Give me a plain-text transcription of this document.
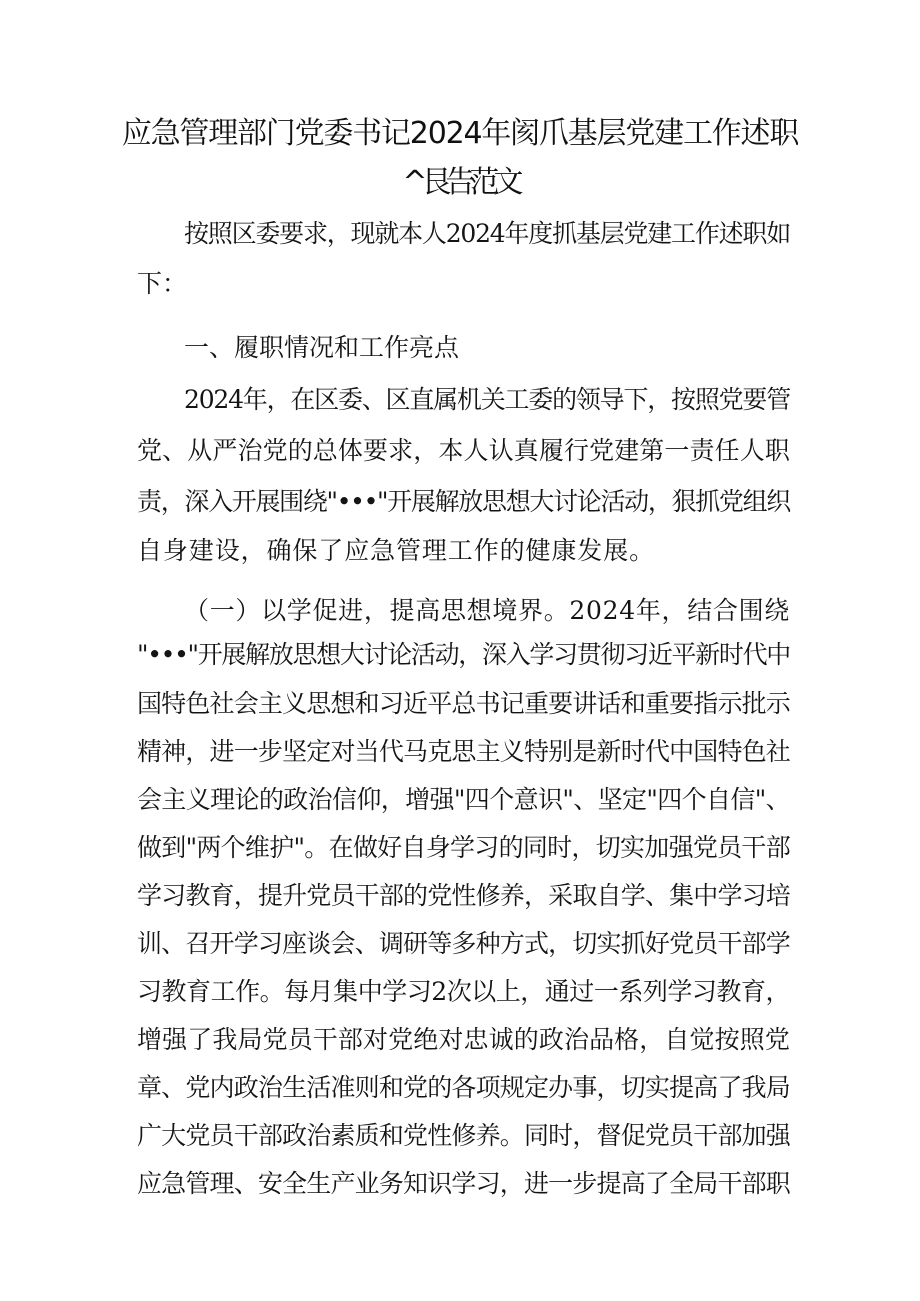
应急管理部门党委书记2024年阂爪基层党建工作述职
^艮告范文
按照区委要求，现就本人2024年度抓基层党建工作述职如
下：
一、履职情况和工作亮点
2024年，在区委、区直属机关工委的领导下，按照党要管
党、从严治党的总体要求，本人认真履行党建第一责任人职
责，深入开展围绕"•••"开展解放思想大讨论活动，狠抓党组织
自身建设，确保了应急管理工作的健康发展。
（一）以学促进，提高思想境界。2024年，结合围绕
"•••"开展解放思想大讨论活动，深入学习贯彻习近平新时代中
国特色社会主义思想和习近平总书记重要讲话和重要指示批示
精神，进一步坚定对当代马克思主义特别是新时代中国特色社
会主义理论的政治信仰，增强"四个意识"、坚定"四个自信"、
做到"两个维护"。在做好自身学习的同时，切实加强党员干部
学习教育，提升党员干部的党性修养，采取自学、集中学习培
训、召开学习座谈会、调研等多种方式，切实抓好党员干部学
习教育工作。每月集中学习2次以上，通过一系列学习教育，
增强了我局党员干部对党绝对忠诚的政治品格，自觉按照党
章、党内政治生活准则和党的各项规定办事，切实提高了我局
广大党员干部政治素质和党性修养。同时，督促党员干部加强
应急管理、安全生产业务知识学习，进一步提高了全局干部职
